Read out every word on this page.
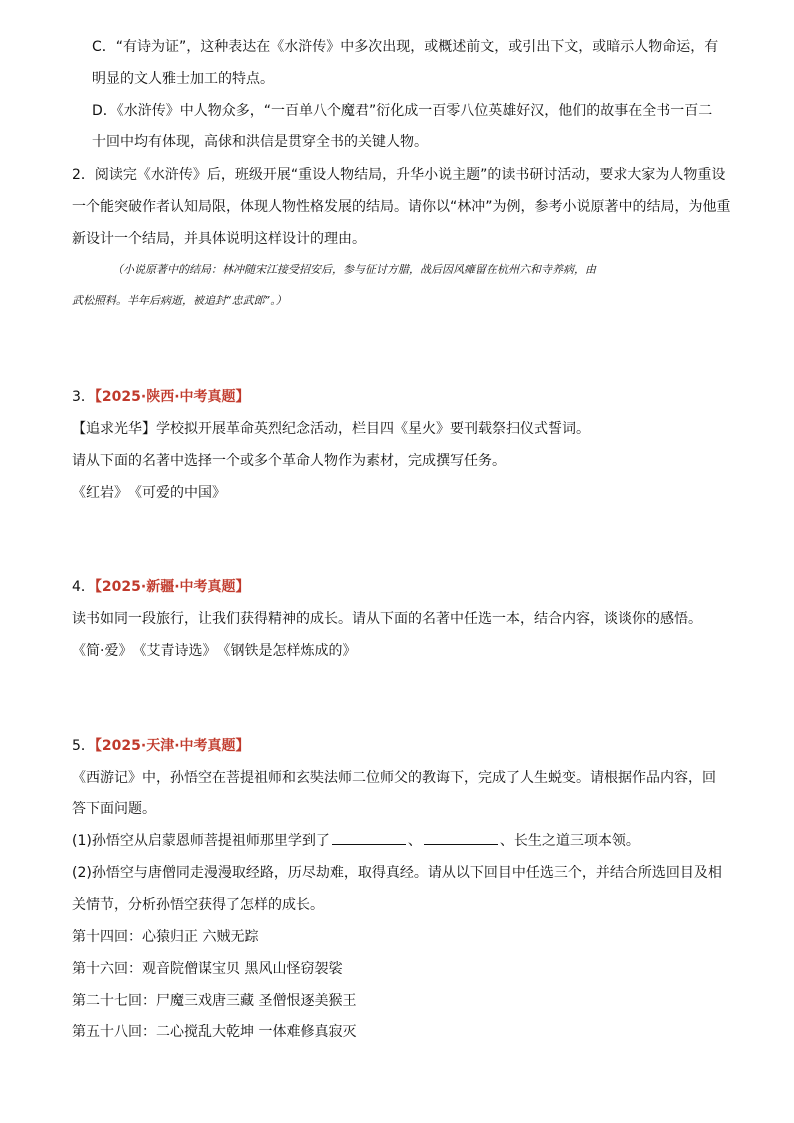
C．“有诗为证”，这种表达在《水浒传》中多次出现，或概述前文，或引出下文，或暗示人物命运，有
明显的文人雅士加工的特点。
D．《水浒传》中人物众多，“一百单八个魔君”衍化成一百零八位英雄好汉，他们的故事在全书一百二
十回中均有体现，高俅和洪信是贯穿全书的关键人物。
2．阅读完《水浒传》后，班级开展“重设人物结局，升华小说主题”的读书研讨活动，要求大家为人物重设
一个能突破作者认知局限，体现人物性格发展的结局。请你以“林冲”为例，参考小说原著中的结局，为他重
新设计一个结局，并具体说明这样设计的理由。
（小说原著中的结局：林冲随宋江接受招安后，参与征讨方腊，战后因风瘫留在杭州六和寺养病，由
武松照料。半年后病逝，被追封“忠武郎”。）
3．【2025·陕西·中考真题】
【追求光华】学校拟开展革命英烈纪念活动，栏目四《星火》要刊载祭扫仪式誓词。
请从下面的名著中选择一个或多个革命人物作为素材，完成撰写任务。
《红岩》　《可爱的中国》
4．【2025·新疆·中考真题】
读书如同一段旅行，让我们获得精神的成长。请从下面的名著中任选一本，结合内容，谈谈你的感悟。
《简·爱》　《艾青诗选》　《钢铁是怎样炼成的》
5．【2025·天津·中考真题】
《西游记》中，孙悟空在菩提祖师和玄奘法师二位师父的教诲下，完成了人生蜕变。请根据作品内容，回
答下面问题。
(1)孙悟空从启蒙恩师菩提祖师那里学到了	、	、长生之道三项本领。
(2)孙悟空与唐僧同走漫漫取经路，历尽劫难，取得真经。请从以下回目中任选三个，并结合所选回目及相
关情节，分析孙悟空获得了怎样的成长。
第十四回：心猿归正 六贼无踪
第十六回：观音院僧谋宝贝 黑风山怪窃袈裟
第二十七回：尸魔三戏唐三藏 圣僧恨逐美猴王
第五十八回：二心搅乱大乾坤 一体难修真寂灭
